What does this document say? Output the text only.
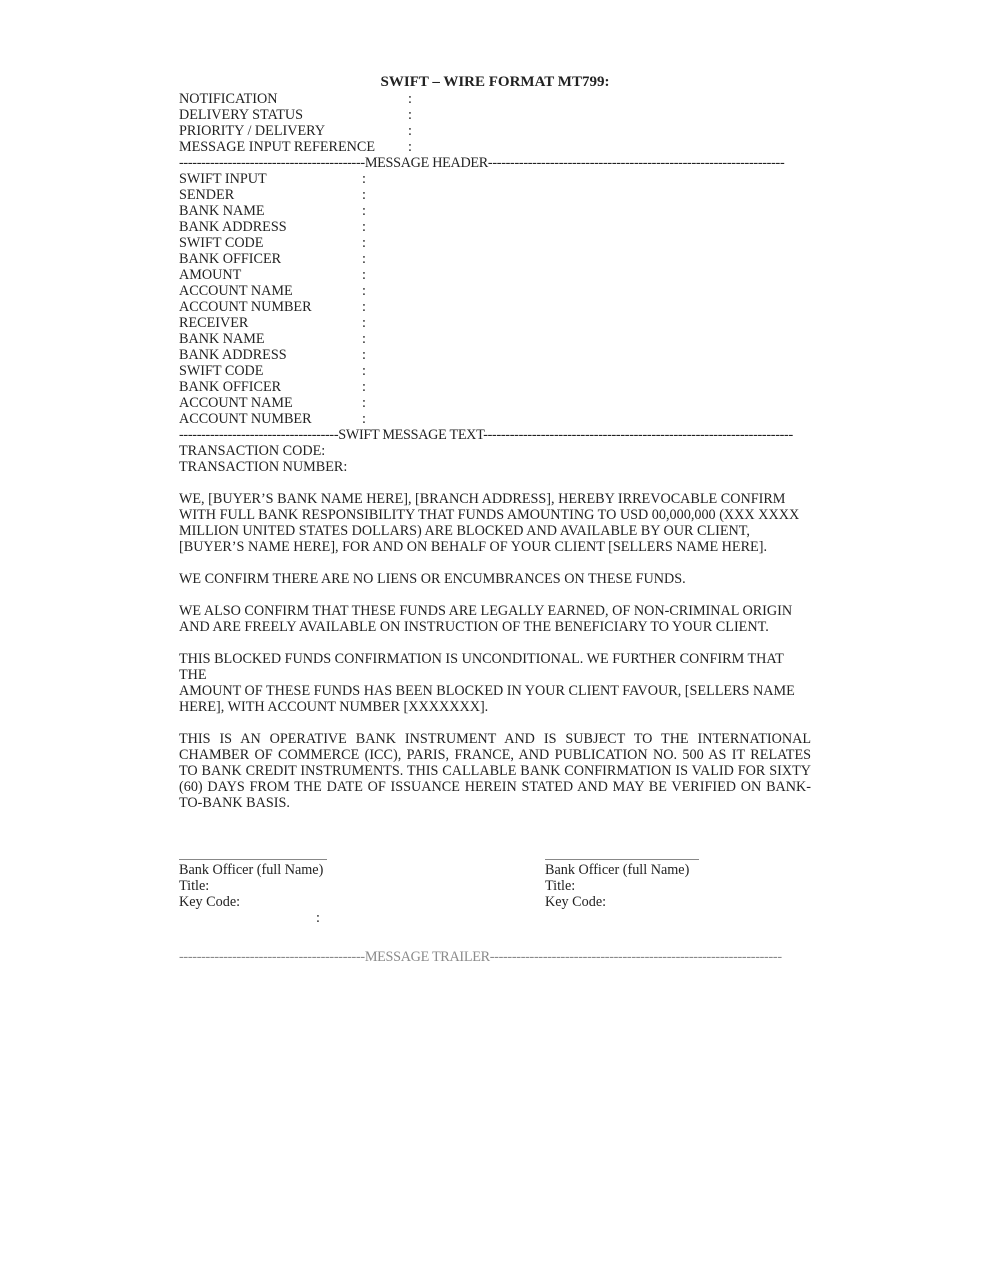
SWIFT – WIRE FORMAT MT799:
NOTIFICATION	:
DELIVERY STATUS	:
PRIORITY / DELIVERY	:
MESSAGE INPUT REFERENCE :
------------------------------------------MESSAGE HEADER-------------------------------------------------------------------
SWIFT INPUT	:
SENDER	:
BANK NAME	:
BANK ADDRESS	:
SWIFT CODE	:
BANK OFFICER	:
AMOUNT	:
ACCOUNT NAME	:
ACCOUNT NUMBER	:
RECEIVER	:
BANK NAME	:
BANK ADDRESS	:
SWIFT CODE	:
BANK OFFICER	:
ACCOUNT NAME	:
ACCOUNT NUMBER	:
------------------------------------SWIFT MESSAGE TEXT----------------------------------------------------------------------
TRANSACTION CODE:
TRANSACTION NUMBER:
WE, [BUYER’S BANK NAME HERE], [BRANCH ADDRESS], HEREBY IRREVOCABLE CONFIRM
WITH FULL BANK RESPONSIBILITY THAT FUNDS AMOUNTING TO USD 00,000,000 (XXX XXXX
MILLION UNITED STATES DOLLARS) ARE BLOCKED AND AVAILABLE BY OUR CLIENT,
[BUYER’S NAME HERE], FOR AND ON BEHALF OF YOUR CLIENT [SELLERS NAME HERE].
WE CONFIRM THERE ARE NO LIENS OR ENCUMBRANCES ON THESE FUNDS.
WE ALSO CONFIRM THAT THESE FUNDS ARE LEGALLY EARNED, OF NON-CRIMINAL ORIGIN
AND ARE FREELY AVAILABLE ON INSTRUCTION OF THE BENEFICIARY TO YOUR CLIENT.
THIS BLOCKED FUNDS CONFIRMATION IS UNCONDITIONAL. WE FURTHER CONFIRM THAT THE
AMOUNT OF THESE FUNDS HAS BEEN BLOCKED IN YOUR CLIENT FAVOUR, [SELLERS NAME
HERE], WITH ACCOUNT NUMBER [XXXXXXX].
THIS IS AN OPERATIVE BANK INSTRUMENT AND IS SUBJECT TO THE INTERNATIONAL CHAMBER OF COMMERCE (ICC), PARIS, FRANCE, AND PUBLICATION NO. 500 AS IT RELATES TO BANK CREDIT INSTRUMENTS. THIS CALLABLE BANK CONFIRMATION IS VALID FOR SIXTY (60) DAYS FROM THE DATE OF ISSUANCE HEREIN STATED AND MAY BE VERIFIED ON BANK-TO-BANK BASIS.
Bank Officer (full Name)
Title:
Key Code:
:
Bank Officer (full Name)
Title:
Key Code:
------------------------------------------MESSAGE TRAILER------------------------------------------------------------------
